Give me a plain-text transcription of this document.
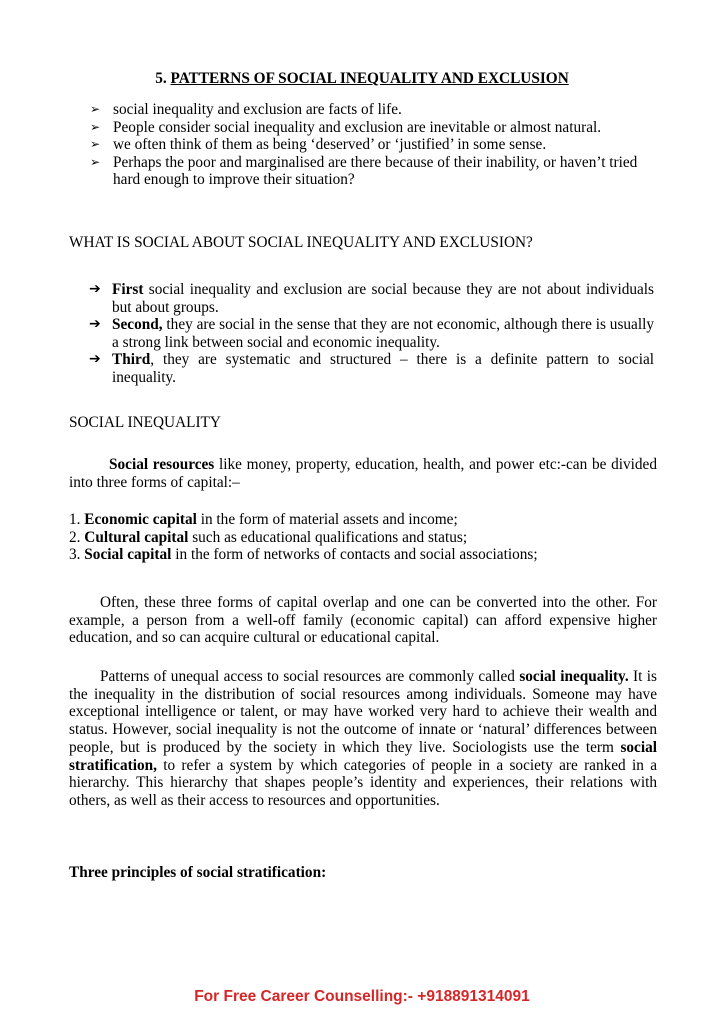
5. PATTERNS OF SOCIAL INEQUALITY AND EXCLUSION
➢ social inequality and exclusion are facts of life.
➢ People consider social inequality and exclusion are inevitable or almost natural.
➢ we often think of them as being ‘deserved’ or ‘justified’ in some sense.
➢ Perhaps the poor and marginalised are there because of their inability, or haven’t tried hard enough to improve their situation?
WHAT IS SOCIAL ABOUT SOCIAL INEQUALITY AND EXCLUSION?
➔ First social inequality and exclusion are social because they are not about individuals but about groups.
➔ Second, they are social in the sense that they are not economic, although there is usually a strong link between social and economic inequality.
➔ Third, they are systematic and structured – there is a definite pattern to social inequality.
SOCIAL INEQUALITY

Social resources like money, property, education, health, and power etc:-can be divided into three forms of capital:–

1. Economic capital in the form of material assets and income;
2. Cultural capital such as educational qualifications and status;
3. Social capital in the form of networks of contacts and social associations;

Often, these three forms of capital overlap and one can be converted into the other. For example, a person from a well-off family (economic capital) can afford expensive higher education, and so can acquire cultural or educational capital.

Patterns of unequal access to social resources are commonly called social inequality. It is the inequality in the distribution of social resources among individuals. Someone may have exceptional intelligence or talent, or may have worked very hard to achieve their wealth and status. However, social inequality is not the outcome of innate or ‘natural’ differences between people, but is produced by the society in which they live. Sociologists use the term social stratification, to refer a system by which categories of people in a society are ranked in a hierarchy. This hierarchy that shapes people’s identity and experiences, their relations with others, as well as their access to resources and opportunities.

Three principles of social stratification:
For Free Career Counselling:- +918891314091
